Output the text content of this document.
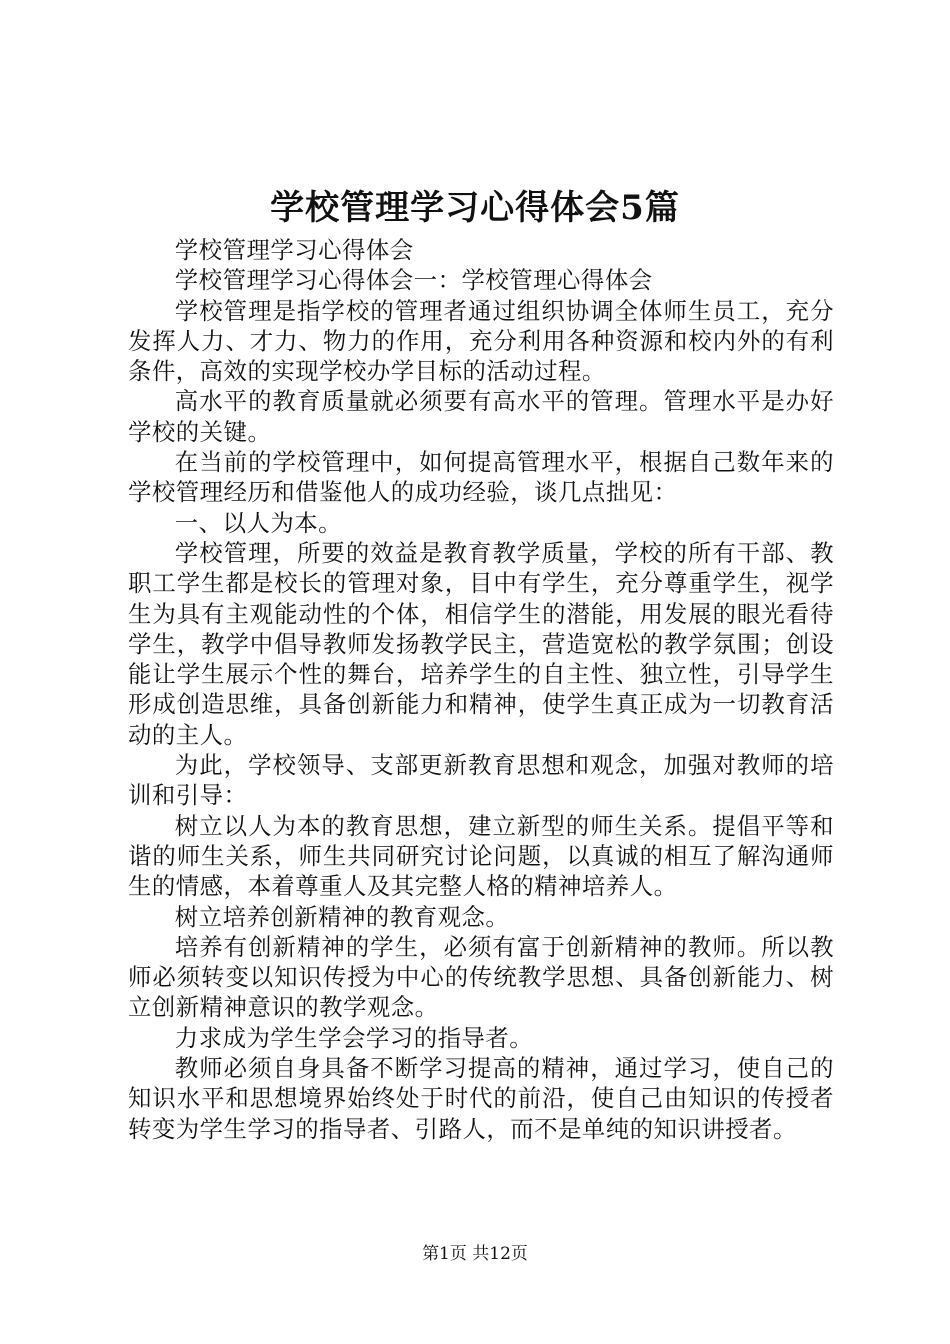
学校管理学习心得体会5篇

学校管理学习心得体会

学校管理学习心得体会一：学校管理心得体会

学校管理是指学校的管理者通过组织协调全体师生员工，充分发挥人力、才力、物力的作用，充分利用各种资源和校内外的有利条件，高效的实现学校办学目标的活动过程。

高水平的教育质量就必须要有高水平的管理。管理水平是办好学校的关键。

在当前的学校管理中，如何提高管理水平，根据自己数年来的学校管理经历和借鉴他人的成功经验，谈几点拙见：

一、以人为本。

学校管理，所要的效益是教育教学质量，学校的所有干部、教职工学生都是校长的管理对象，目中有学生，充分尊重学生，视学生为具有主观能动性的个体，相信学生的潜能，用发展的眼光看待学生，教学中倡导教师发扬教学民主，营造宽松的教学氛围；创设能让学生展示个性的舞台，培养学生的自主性、独立性，引导学生形成创造思维，具备创新能力和精神，使学生真正成为一切教育活动的主人。

为此，学校领导、支部更新教育思想和观念，加强对教师的培训和引导：

树立以人为本的教育思想，建立新型的师生关系。提倡平等和谐的师生关系，师生共同研究讨论问题，以真诚的相互了解沟通师生的情感，本着尊重人及其完整人格的精神培养人。

树立培养创新精神的教育观念。

培养有创新精神的学生，必须有富于创新精神的教师。所以教师必须转变以知识传授为中心的传统教学思想、具备创新能力、树立创新精神意识的教学观念。

力求成为学生学会学习的指导者。

教师必须自身具备不断学习提高的精神，通过学习，使自己的知识水平和思想境界始终处于时代的前沿，使自己由知识的传授者转变为学生学习的指导者、引路人，而不是单纯的知识讲授者。

第1页 共12页
